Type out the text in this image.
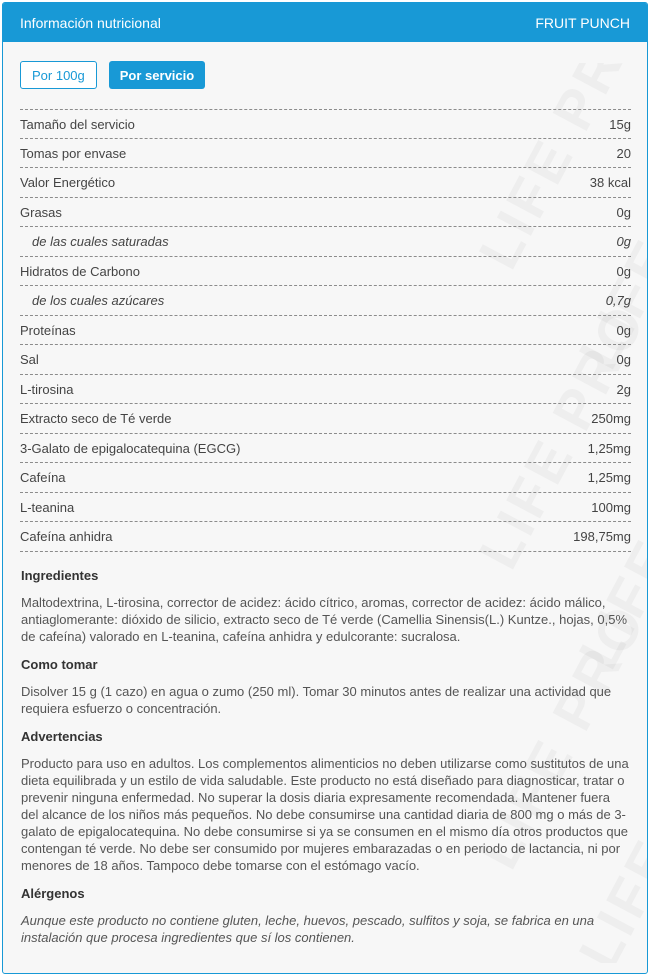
Información nutricional	FRUIT PUNCH
Por 100g	Por servicio
Tamaño del servicio	15g
Tomas por envase	20
Valor Energético	38 kcal
Grasas	0g
de las cuales saturadas	0g
Hidratos de Carbono	0g
de los cuales azúcares	0,7g
Proteínas	0g
Sal	0g
L-tirosina	2g
Extracto seco de Té verde	250mg
3-Galato de epigalocatequina (EGCG)	1,25mg
Cafeína	1,25mg
L-teanina	100mg
Cafeína anhidra	198,75mg
Ingredientes
Maltodextrina, L-tirosina, corrector de acidez: ácido cítrico, aromas, corrector de acidez: ácido málico, antiaglomerante: dióxido de silicio, extracto seco de Té verde (Camellia Sinensis(L.) Kuntze., hojas, 0,5% de cafeína) valorado en L-teanina, cafeína anhidra y edulcorante: sucralosa.
Como tomar
Disolver 15 g (1 cazo) en agua o zumo (250 ml). Tomar 30 minutos antes de realizar una actividad que requiera esfuerzo o concentración.
Advertencias
Producto para uso en adultos. Los complementos alimenticios no deben utilizarse como sustitutos de una dieta equilibrada y un estilo de vida saludable. Este producto no está diseñado para diagnosticar, tratar o prevenir ninguna enfermedad. No superar la dosis diaria expresamente recomendada. Mantener fuera del alcance de los niños más pequeños. No debe consumirse una cantidad diaria de 800 mg o más de 3-galato de epigalocatequina. No debe consumirse si ya se consumen en el mismo día otros productos que contengan té verde. No debe ser consumido por mujeres embarazadas o en periodo de lactancia, ni por menores de 18 años. Tampoco debe tomarse con el estómago vacío.
Alérgenos
Aunque este producto no contiene gluten, leche, huevos, pescado, sulfitos y soja, se fabrica en una instalación que procesa ingredientes que sí los contienen.
